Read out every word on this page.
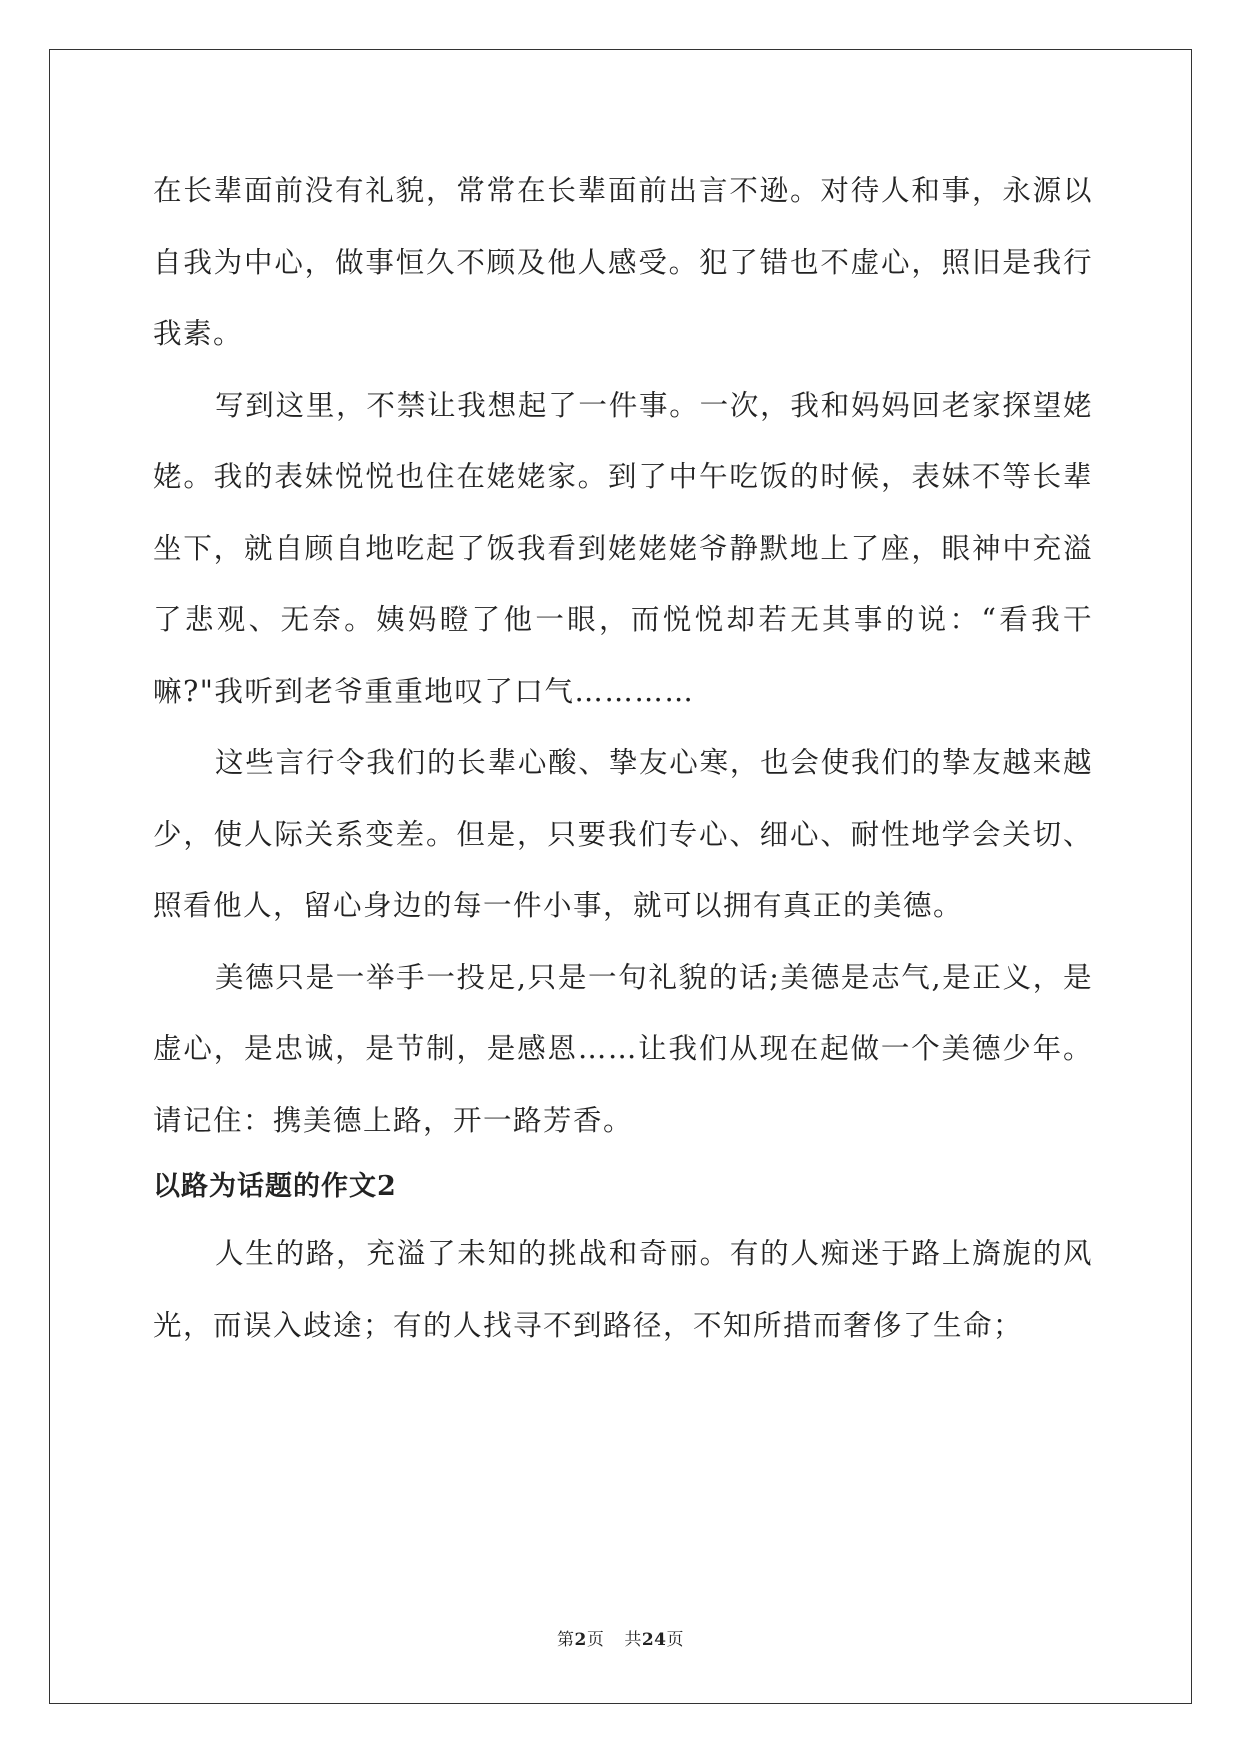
在长辈面前没有礼貌，常常在长辈面前出言不逊。对待人和事，永源以自我为中心，做事恒久不顾及他人感受。犯了错也不虚心，照旧是我行我素。

写到这里，不禁让我想起了一件事。一次，我和妈妈回老家探望姥姥。我的表妹悦悦也住在姥姥家。到了中午吃饭的时候，表妹不等长辈坐下，就自顾自地吃起了饭我看到姥姥姥爷静默地上了座，眼神中充溢了悲观、无奈。姨妈瞪了他一眼，而悦悦却若无其事的说：“看我干嘛?"我听到老爷重重地叹了口气…………

这些言行令我们的长辈心酸、挚友心寒，也会使我们的挚友越来越少，使人际关系变差。但是，只要我们专心、细心、耐性地学会关切、照看他人，留心身边的每一件小事，就可以拥有真正的美德。

美德只是一举手一投足,只是一句礼貌的话;美德是志气,是正义，是虚心，是忠诚，是节制，是感恩……让我们从现在起做一个美德少年。请记住：携美德上路，开一路芳香。

以路为话题的作文2

人生的路，充溢了未知的挑战和奇丽。有的人痴迷于路上旖旎的风光，而误入歧途；有的人找寻不到路径，不知所措而奢侈了生命；

第2页 共24页
